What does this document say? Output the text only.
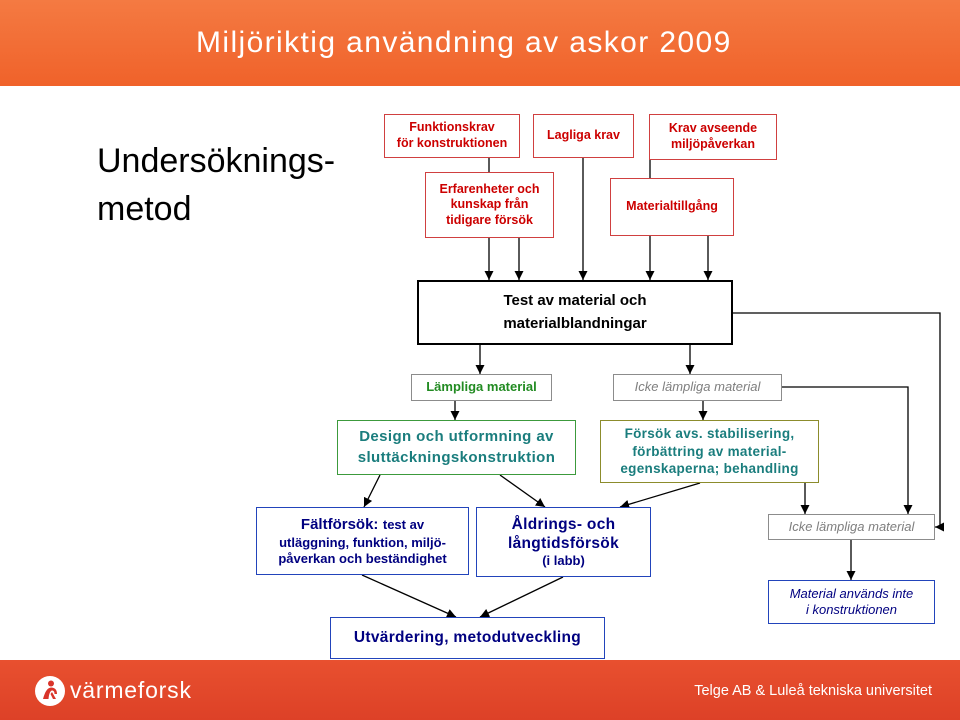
Miljöriktig användning av askor 2009
Undersöknings-
metod
Funktionskrav
för konstruktionen
Lagliga krav	Krav avseende
miljöpåverkan
Erfarenheter och
kunskap från
tidigare försök
Materialtillgång
Test av material och
materialblandningar
Lämpliga material	Icke lämpliga material
Design och utformning av
sluttäckningskonstruktion
Försök avs. stabilisering,
förbättring av material-
egenskaperna; behandling
Fältförsök: test av
utläggning, funktion, miljö-
påverkan och beständighet
Åldrings- och
långtidsförsök
(i labb)
Icke lämpliga material
Material används inte
i konstruktionen
Utvärdering, metodutveckling
värmeforsk	Telge AB & Luleå tekniska universitet
